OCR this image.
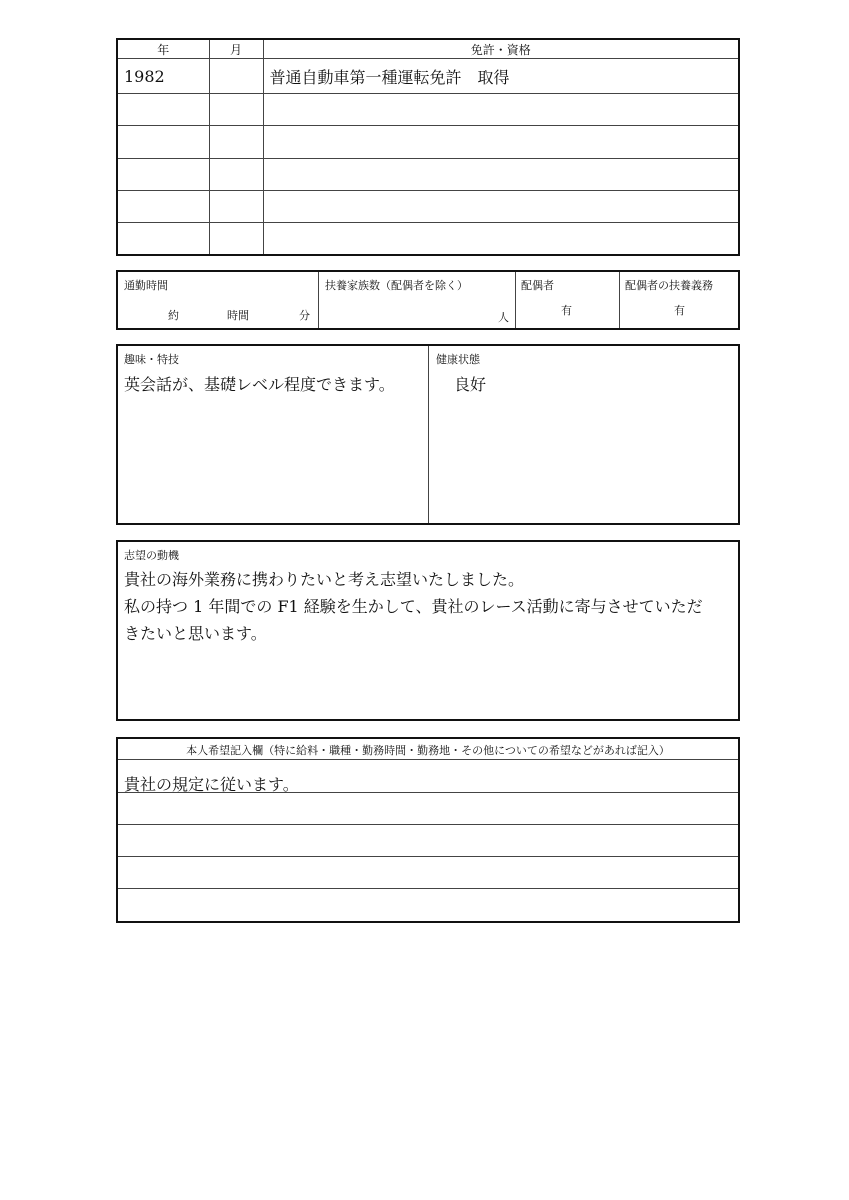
年	月	免許・資格
1982		普通自動車第一種運転免許　取得

通勤時間
約	時間	分
扶養家族数（配偶者を除く）
人
配偶者
有
配偶者の扶養義務
有
趣味・特技
英会話が、基礎レベル程度できます。
健康状態
良好
志望の動機
貴社の海外業務に携わりたいと考え志望いたしました。
私の持つ 1 年間での F1 経験を生かして、貴社のレース活動に寄与させていただ
きたいと思います。
本人希望記入欄（特に給料・職種・勤務時間・勤務地・その他についての希望などがあれば記入）
貴社の規定に従います。
